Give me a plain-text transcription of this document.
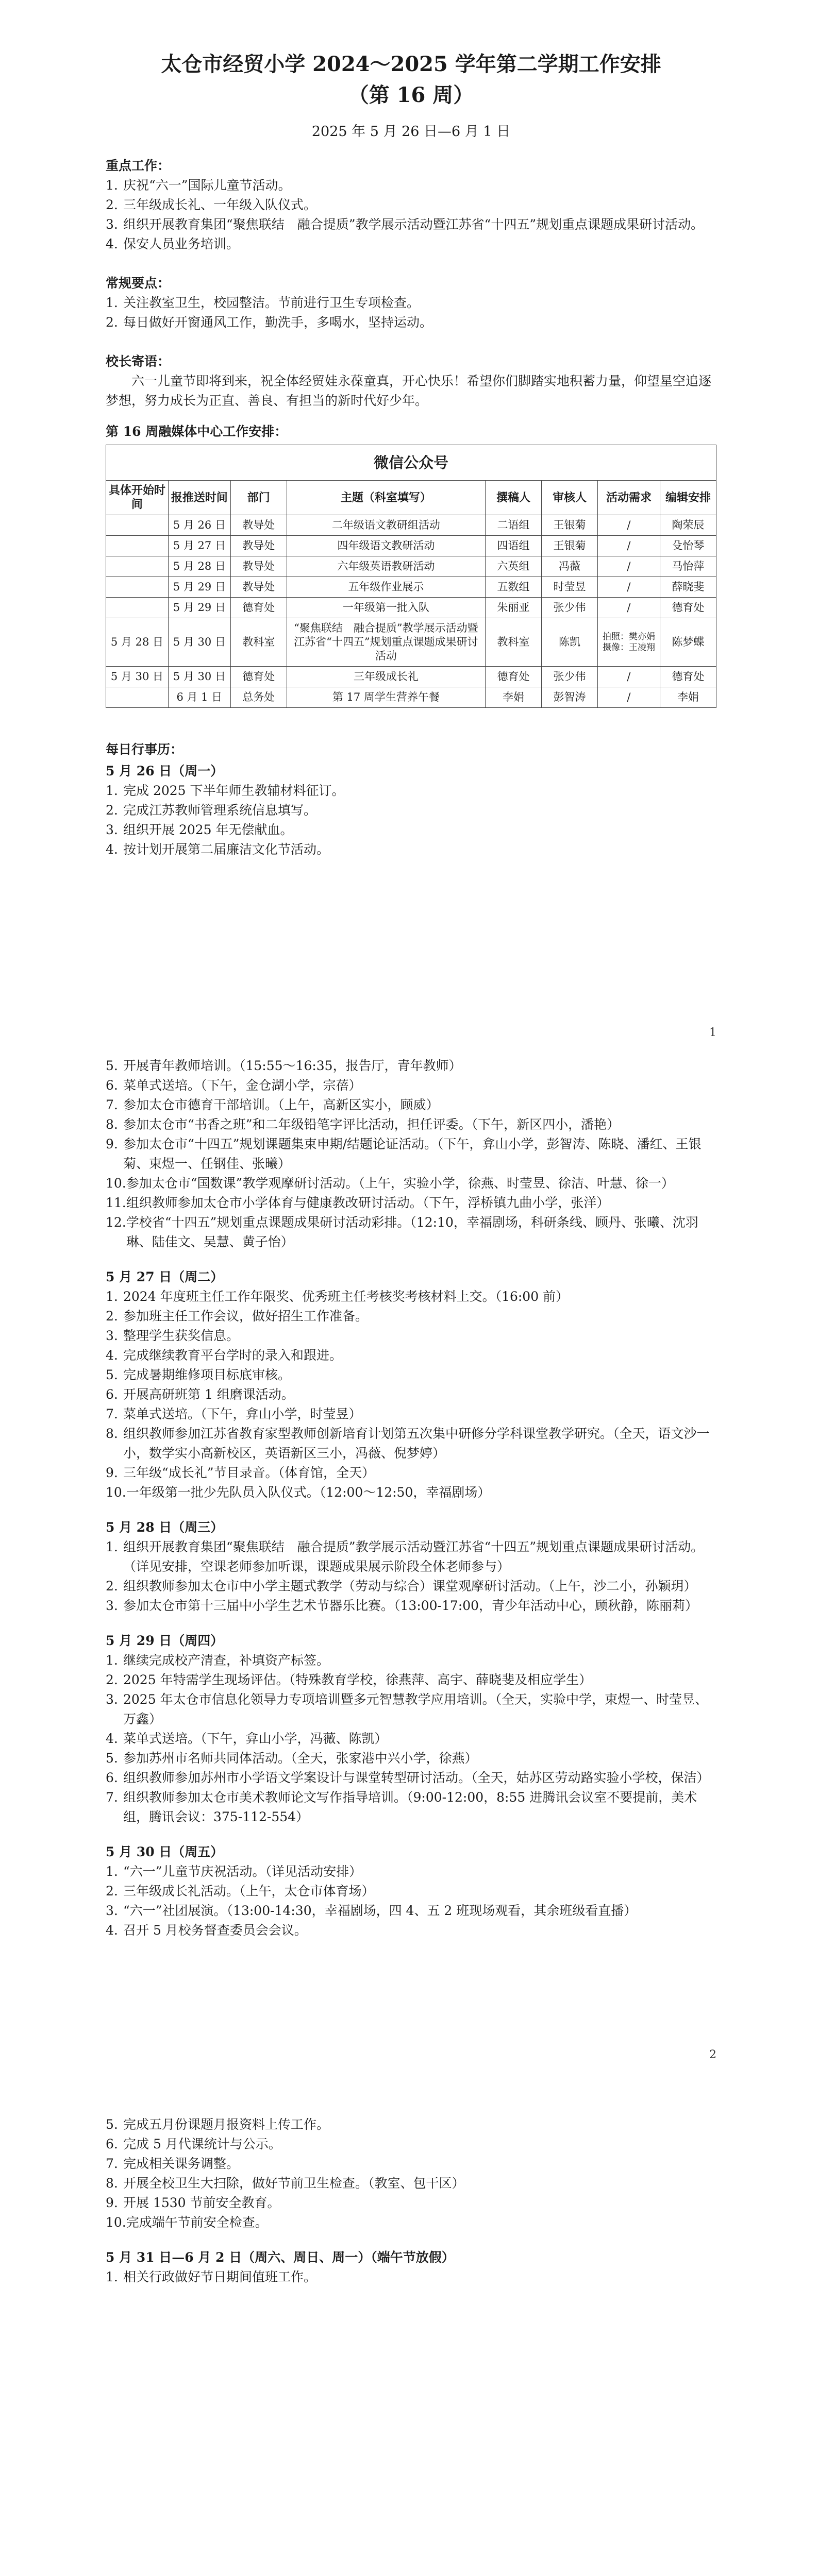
太仓市经贸小学 2024～2025 学年第二学期工作安排
（第 16 周）
2025 年 5 月 26 日—6 月 1 日
重点工作：
1. 庆祝“六一”国际儿童节活动。
2. 三年级成长礼、一年级入队仪式。
3. 组织开展教育集团“聚焦联结　融合提质”教学展示活动暨江苏省“十四五”规划重点课题成果研讨活动。
4. 保安人员业务培训。
常规要点：
1. 关注教室卫生，校园整洁。节前进行卫生专项检查。
2. 每日做好开窗通风工作，勤洗手，多喝水，坚持运动。
校长寄语：
六一儿童节即将到来，祝全体经贸娃永葆童真，开心快乐！希望你们脚踏实地积蓄力量，仰望星空追逐梦想，努力成长为正直、善良、有担当的新时代好少年。
第 16 周融媒体中心工作安排：
微信公众号							
具体开始时间	报推送时间	部门	主题（科室填写）	撰稿人	审核人	活动需求	编辑安排
	5 月 26 日	教导处	二年级语文教研组活动	二语组	王银菊	/	陶荣辰
	5 月 27 日	教导处	四年级语文教研活动	四语组	王银菊	/	殳怡琴
	5 月 28 日	教导处	六年级英语教研活动	六英组	冯薇	/	马怡萍
	5 月 29 日	教导处	五年级作业展示	五数组	时莹昱	/	薛晓斐
	5 月 29 日	德育处	一年级第一批入队	朱丽亚	张少伟	/	德育处
5 月 28 日	5 月 30 日	教科室	“聚焦联结　融合提质”教学展示活动暨江苏省“十四五”规划重点课题成果研讨活动	教科室	陈凯	拍照：樊亦娟 摄像：王凌翔	陈梦蝶
5 月 30 日	5 月 30 日	德育处	三年级成长礼	德育处	张少伟	/	德育处
	6 月 1 日	总务处	第 17 周学生营养午餐	李娟	彭智涛	/	李娟
每日行事历：
5 月 26 日（周一）
1. 完成 2025 下半年师生教辅材料征订。
2. 完成江苏教师管理系统信息填写。
3. 组织开展 2025 年无偿献血。
4. 按计划开展第二届廉洁文化节活动。
1
5. 开展青年教师培训。（15:55～16:35，报告厅，青年教师）
6. 菜单式送培。（下午，金仓湖小学，宗蓓）
7. 参加太仓市德育干部培训。（上午，高新区实小，顾威）
8. 参加太仓市“书香之班”和二年级铅笔字评比活动，担任评委。（下午，新区四小，潘艳）
9. 参加太仓市“十四五”规划课题集束申期/结题论证活动。（下午，弇山小学，彭智涛、陈晓、潘红、王银菊、束煜一、任钢佳、张曦）
10. 参加太仓市“国数课”教学观摩研讨活动。（上午，实验小学，徐燕、时莹昱、徐洁、叶慧、徐一）
11. 组织教师参加太仓市小学体育与健康教改研讨活动。（下午，浮桥镇九曲小学，张洋）
12. 学校省“十四五”规划重点课题成果研讨活动彩排。（12:10，幸福剧场，科研条线、顾丹、张曦、沈羽琳、陆佳文、吴慧、黄子怡）
5 月 27 日（周二）
1. 2024 年度班主任工作年限奖、优秀班主任考核奖考核材料上交。（16:00 前）
2. 参加班主任工作会议，做好招生工作准备。
3. 整理学生获奖信息。
4. 完成继续教育平台学时的录入和跟进。
5. 完成暑期维修项目标底审核。
6. 开展高研班第 1 组磨课活动。
7. 菜单式送培。（下午，弇山小学，时莹昱）
8. 组织教师参加江苏省教育家型教师创新培育计划第五次集中研修分学科课堂教学研究。（全天，语文沙一小，数学实小高新校区，英语新区三小，冯薇、倪梦婷）
9. 三年级“成长礼”节目录音。（体育馆，全天）
10. 一年级第一批少先队员入队仪式。（12:00～12:50，幸福剧场）
5 月 28 日（周三）
1. 组织开展教育集团“聚焦联结　融合提质”教学展示活动暨江苏省“十四五”规划重点课题成果研讨活动。（详见安排，空课老师参加听课，课题成果展示阶段全体老师参与）
2. 组织教师参加太仓市中小学主题式教学（劳动与综合）课堂观摩研讨活动。（上午，沙二小，孙颖玥）
3. 参加太仓市第十三届中小学生艺术节器乐比赛。（13:00-17:00，青少年活动中心，顾秋静，陈丽莉）
5 月 29 日（周四）
1. 继续完成校产清查，补填资产标签。
2. 2025 年特需学生现场评估。（特殊教育学校，徐燕萍、高宇、薛晓斐及相应学生）
3. 2025 年太仓市信息化领导力专项培训暨多元智慧教学应用培训。（全天，实验中学，束煜一、时莹昱、万鑫）
4. 菜单式送培。（下午，弇山小学，冯薇、陈凯）
5. 参加苏州市名师共同体活动。（全天，张家港中兴小学，徐燕）
6. 组织教师参加苏州市小学语文学案设计与课堂转型研讨活动。（全天，姑苏区劳动路实验小学校，保洁）
7. 组织教师参加太仓市美术教师论文写作指导培训。（9:00-12:00，8:55 进腾讯会议室不要提前，美术组，腾讯会议：375-112-554）
5 月 30 日（周五）
1. “六一”儿童节庆祝活动。（详见活动安排）
2. 三年级成长礼活动。（上午，太仓市体育场）
3. “六一”社团展演。（13:00-14:30，幸福剧场，四 4、五 2 班现场观看，其余班级看直播）
4. 召开 5 月校务督查委员会会议。
2
5. 完成五月份课题月报资料上传工作。
6. 完成 5 月代课统计与公示。
7. 完成相关课务调整。
8. 开展全校卫生大扫除，做好节前卫生检查。（教室、包干区）
9. 开展 1530 节前安全教育。
10. 完成端午节前安全检查。
5 月 31 日—6 月 2 日（周六、周日、周一）（端午节放假）
1. 相关行政做好节日期间值班工作。
